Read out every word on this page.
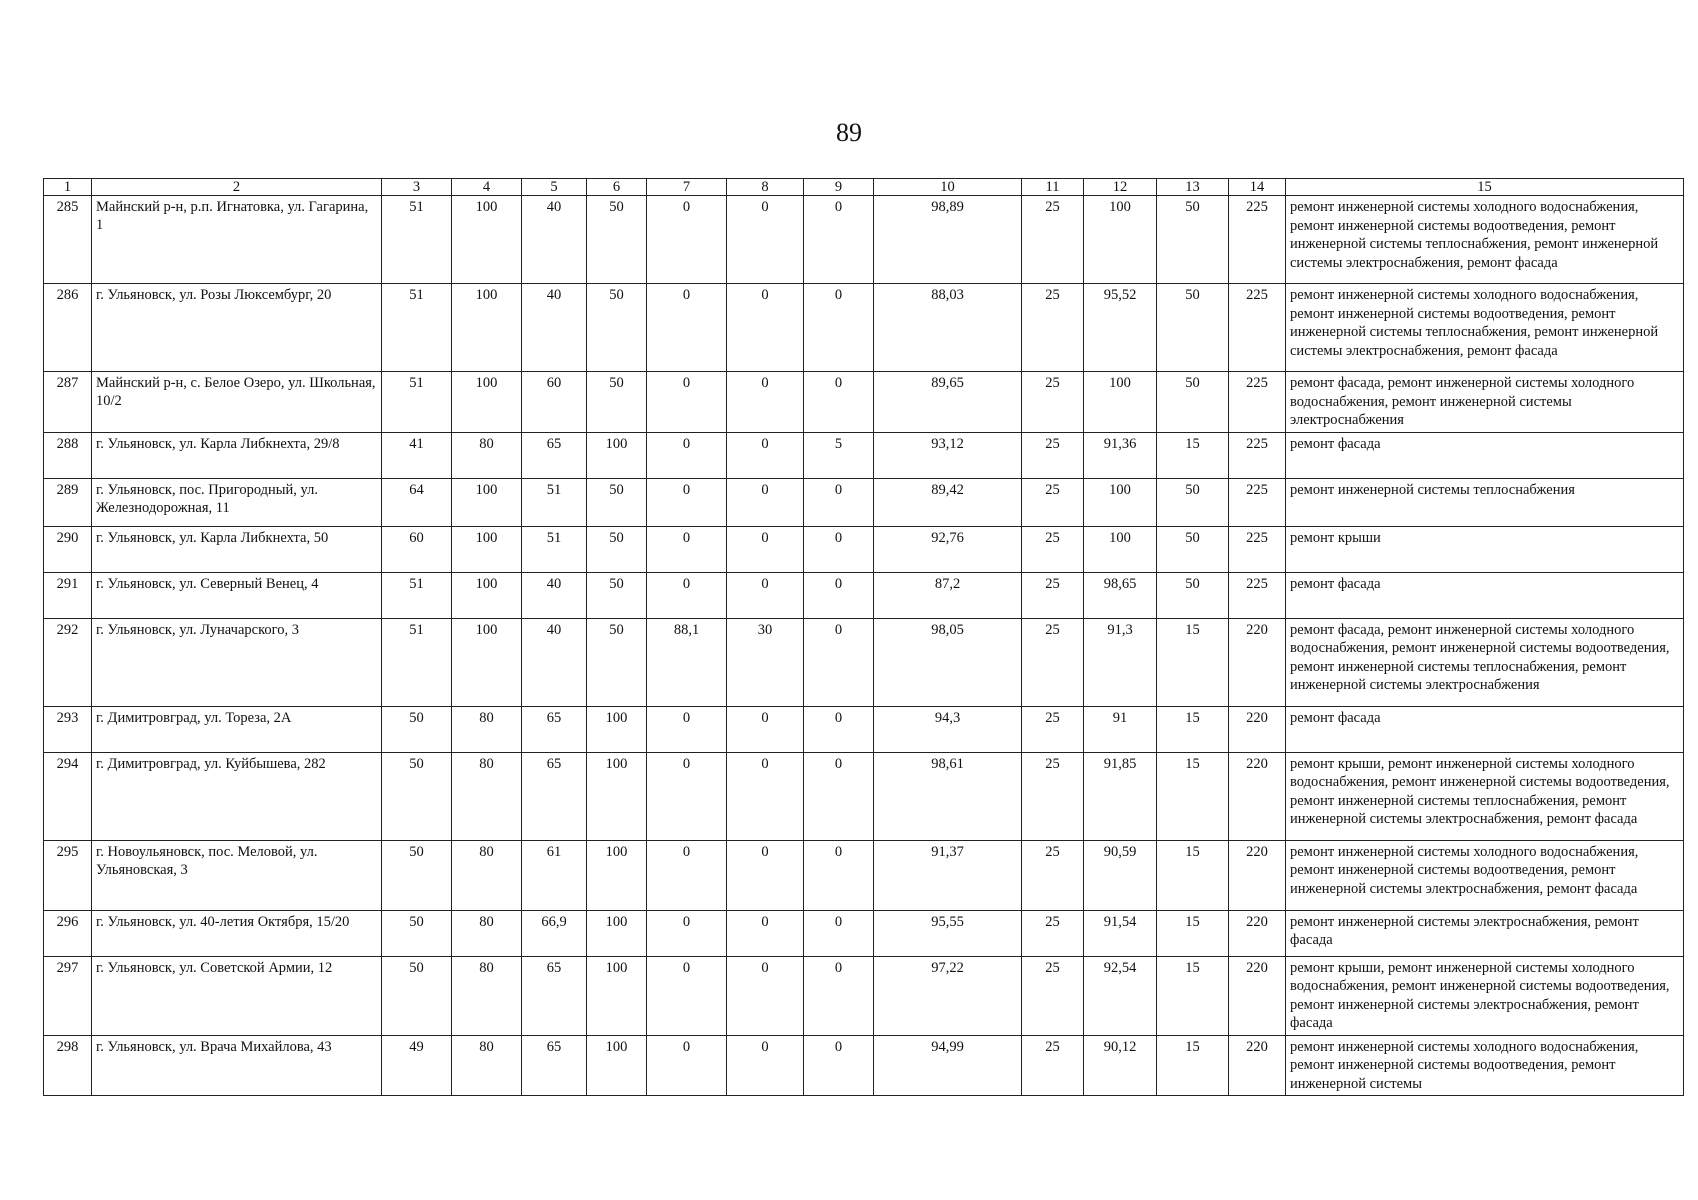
89
1	2	3	4	5	6	7	8	9	10	11	12	13	14	15
285	Майнский р-н, р.п. Игнатовка, ул. Гагарина, 1	51	100	40	50	0	0	0	98,89	25	100	50	225	ремонт инженерной системы холодного водоснабжения, ремонт инженерной системы водоотведения, ремонт инженерной системы теплоснабжения, ремонт инженерной системы электроснабжения, ремонт фасада
286	г. Ульяновск, ул. Розы Люксембург, 20	51	100	40	50	0	0	0	88,03	25	95,52	50	225	ремонт инженерной системы холодного водоснабжения, ремонт инженерной системы водоотведения, ремонт инженерной системы теплоснабжения, ремонт инженерной системы электроснабжения, ремонт фасада
287	Майнский р-н, с. Белое Озеро, ул. Школьная, 10/2	51	100	60	50	0	0	0	89,65	25	100	50	225	ремонт фасада, ремонт инженерной системы холодного водоснабжения, ремонт инженерной системы электроснабжения
288	г. Ульяновск, ул. Карла Либкнехта, 29/8	41	80	65	100	0	0	5	93,12	25	91,36	15	225	ремонт фасада
289	г. Ульяновск, пос. Пригородный, ул. Железнодорожная, 11	64	100	51	50	0	0	0	89,42	25	100	50	225	ремонт инженерной системы теплоснабжения
290	г. Ульяновск, ул. Карла Либкнехта, 50	60	100	51	50	0	0	0	92,76	25	100	50	225	ремонт крыши
291	г. Ульяновск, ул. Северный Венец, 4	51	100	40	50	0	0	0	87,2	25	98,65	50	225	ремонт фасада
292	г. Ульяновск, ул. Луначарского, 3	51	100	40	50	88,1	30	0	98,05	25	91,3	15	220	ремонт фасада, ремонт инженерной системы холодного водоснабжения, ремонт инженерной системы водоотведения, ремонт инженерной системы теплоснабжения, ремонт инженерной системы электроснабжения
293	г. Димитровград, ул. Тореза, 2А	50	80	65	100	0	0	0	94,3	25	91	15	220	ремонт фасада
294	г. Димитровград, ул. Куйбышева, 282	50	80	65	100	0	0	0	98,61	25	91,85	15	220	ремонт крыши, ремонт инженерной системы холодного водоснабжения, ремонт инженерной системы водоотведения, ремонт инженерной системы теплоснабжения, ремонт инженерной системы электроснабжения, ремонт фасада
295	г. Новоульяновск, пос. Меловой, ул. Ульяновская, 3	50	80	61	100	0	0	0	91,37	25	90,59	15	220	ремонт инженерной системы холодного водоснабжения, ремонт инженерной системы водоотведения, ремонт инженерной системы электроснабжения, ремонт фасада
296	г. Ульяновск, ул. 40-летия Октября, 15/20	50	80	66,9	100	0	0	0	95,55	25	91,54	15	220	ремонт инженерной системы электроснабжения, ремонт фасада
297	г. Ульяновск, ул. Советской Армии, 12	50	80	65	100	0	0	0	97,22	25	92,54	15	220	ремонт крыши, ремонт инженерной системы холодного водоснабжения, ремонт инженерной системы водоотведения, ремонт инженерной системы электроснабжения, ремонт фасада
298	г. Ульяновск, ул. Врача Михайлова, 43	49	80	65	100	0	0	0	94,99	25	90,12	15	220	ремонт инженерной системы холодного водоснабжения, ремонт инженерной системы водоотведения, ремонт инженерной системы
